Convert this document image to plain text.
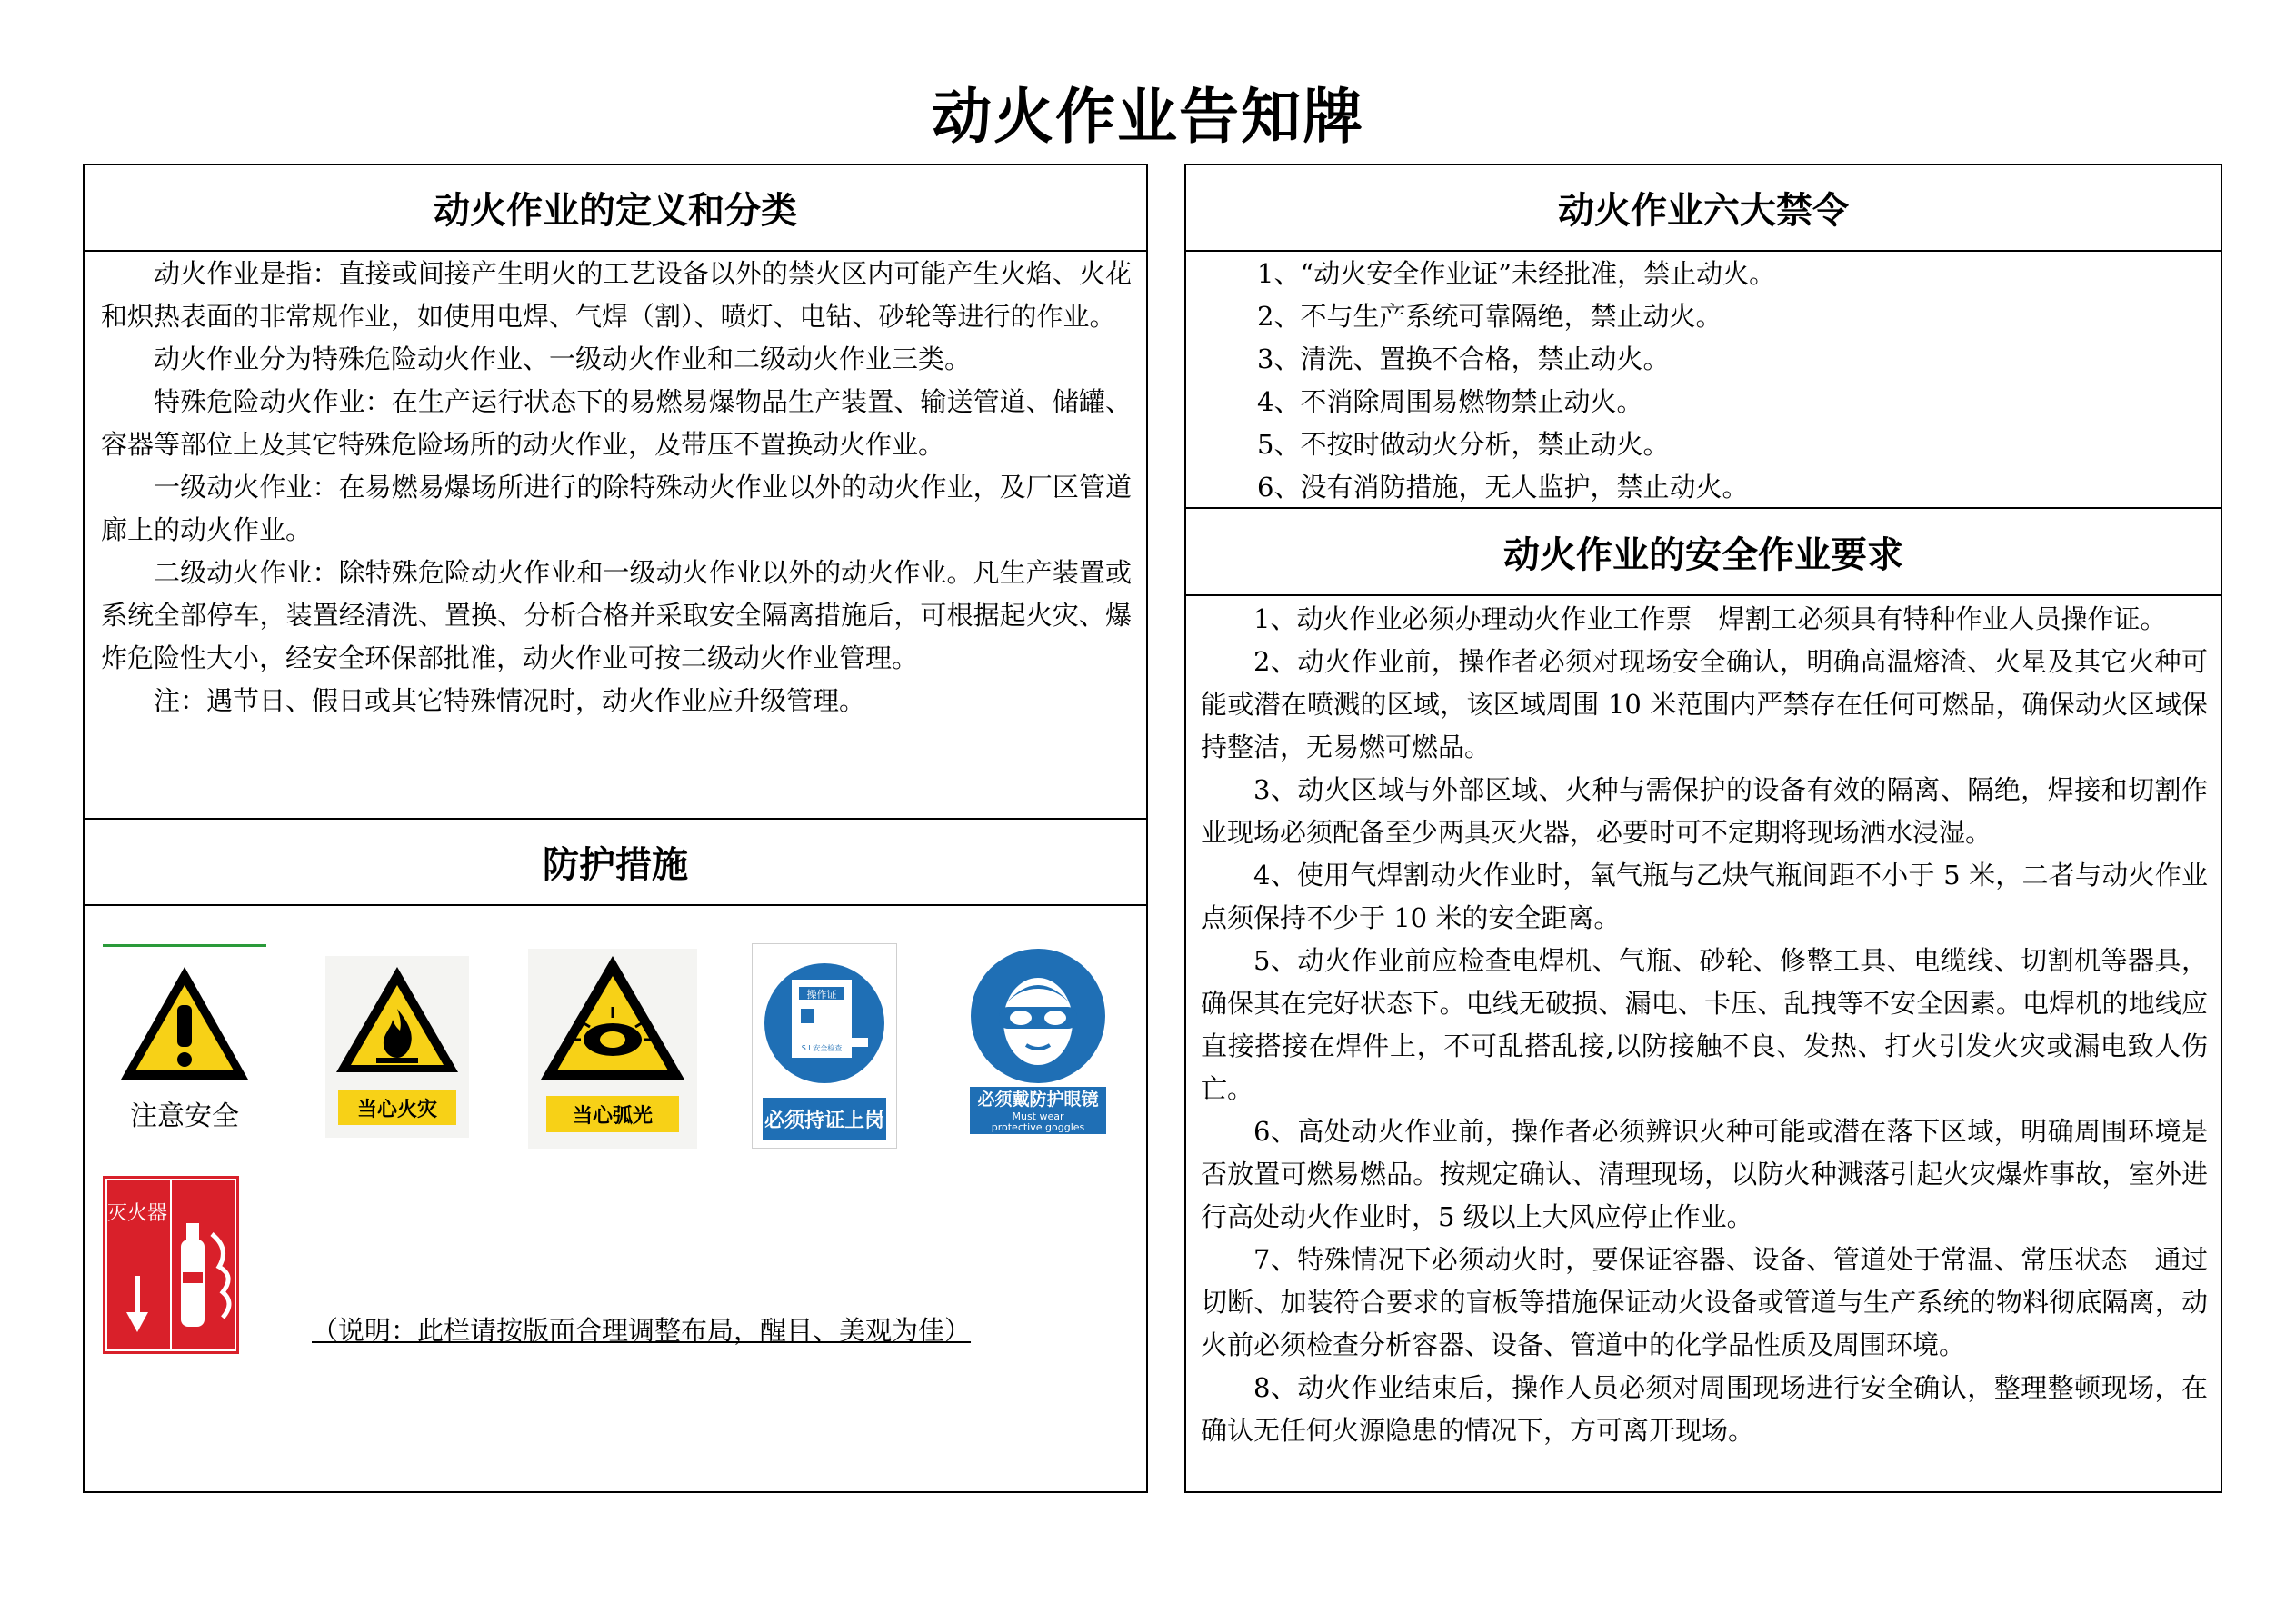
动火作业告知牌
动火作业的定义和分类

动火作业是指：直接或间接产生明火的工艺设备以外的禁火区内可能产生火焰、火花和炽热表面的非常规作业，如使用电焊、气焊（割）、喷灯、电钻、砂轮等进行的作业。

动火作业分为特殊危险动火作业、一级动火作业和二级动火作业三类。

特殊危险动火作业：在生产运行状态下的易燃易爆物品生产装置、输送管道、储罐、容器等部位上及其它特殊危险场所的动火作业，及带压不置换动火作业。

一级动火作业：在易燃易爆场所进行的除特殊动火作业以外的动火作业，及厂区管道廊上的动火作业。

二级动火作业：除特殊危险动火作业和一级动火作业以外的动火作业。凡生产装置或系统全部停车，装置经清洗、置换、分析合格并采取安全隔离措施后，可根据起火灾、爆炸危险性大小，经安全环保部批准，动火作业可按二级动火作业管理。

注：遇节日、假日或其它特殊情况时，动火作业应升级管理。

防护措施
注意安全	当心火灾	当心弧光
操作证
S I 安全检查
必须持证上岗
必须戴防护眼镜
Must wear
protective goggles
灭火器
（说明：此栏请按版面合理调整布局，醒目、美观为佳）
动火作业六大禁令
1、“动火安全作业证”未经批准，禁止动火。
2、不与生产系统可靠隔绝，禁止动火。
3、清洗、置换不合格，禁止动火。
4、不消除周围易燃物禁止动火。
5、不按时做动火分析，禁止动火。
6、没有消防措施，无人监护，禁止动火。
动火作业的安全作业要求

1、动火作业必须办理动火作业工作票　焊割工必须具有特种作业人员操作证。

2、动火作业前，操作者必须对现场安全确认，明确高温熔渣、火星及其它火种可能或潜在喷溅的区域，该区域周围 10 米范围内严禁存在任何可燃品，确保动火区域保持整洁，无易燃可燃品。

3、动火区域与外部区域、火种与需保护的设备有效的隔离、隔绝，焊接和切割作业现场必须配备至少两具灭火器，必要时可不定期将现场洒水浸湿。

4、使用气焊割动火作业时，氧气瓶与乙炔气瓶间距不小于 5 米，二者与动火作业点须保持不少于 10 米的安全距离。

5、动火作业前应检查电焊机、气瓶、砂轮、修整工具、电缆线、切割机等器具，确保其在完好状态下。电线无破损、漏电、卡压、乱拽等不安全因素。电焊机的地线应直接搭接在焊件上，不可乱搭乱接,以防接触不良、发热、打火引发火灾或漏电致人伤亡。

6、高处动火作业前，操作者必须辨识火种可能或潜在落下区域，明确周围环境是否放置可燃易燃品。按规定确认、清理现场，以防火种溅落引起火灾爆炸事故，室外进行高处动火作业时，5 级以上大风应停止作业。

7、特殊情况下必须动火时，要保证容器、设备、管道处于常温、常压状态　通过切断、加装符合要求的盲板等措施保证动火设备或管道与生产系统的物料彻底隔离，动火前必须检查分析容器、设备、管道中的化学品性质及周围环境。

8、动火作业结束后，操作人员必须对周围现场进行安全确认，整理整顿现场，在确认无任何火源隐患的情况下，方可离开现场。
